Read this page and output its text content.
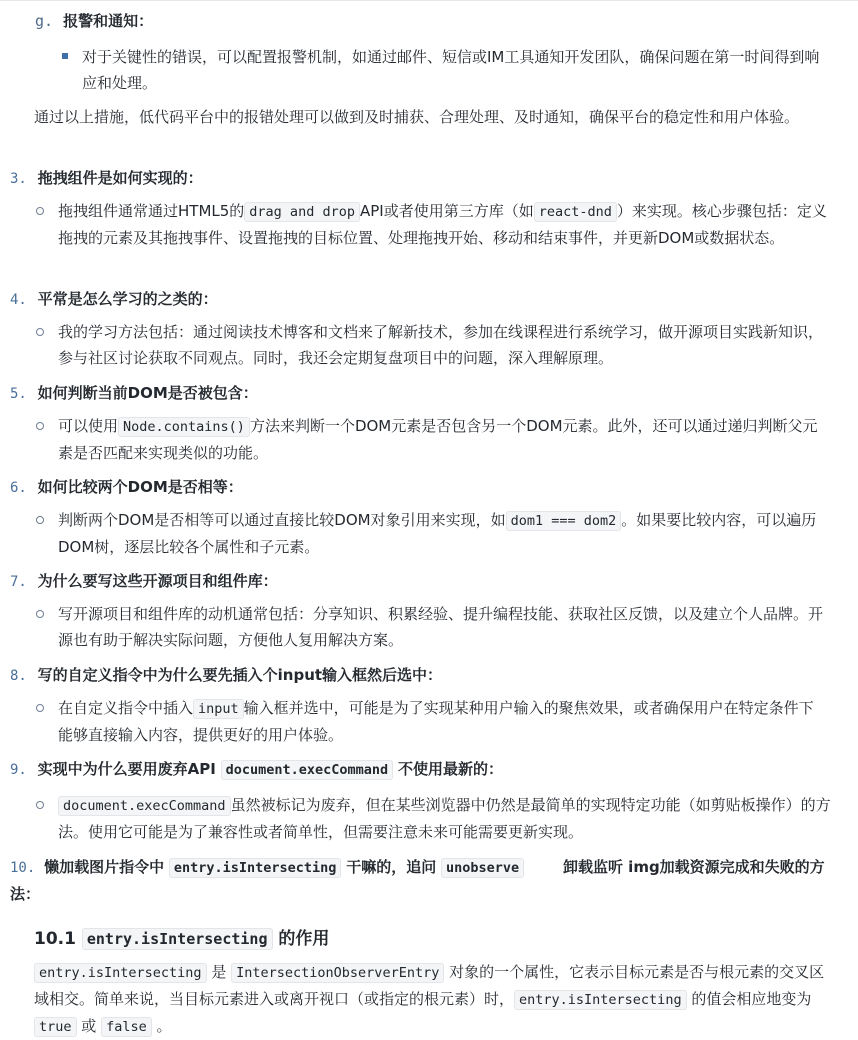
g. 报警和通知：
对于关键性的错误，可以配置报警机制，如通过邮件、短信或IM工具通知开发团队，确保问题在第一时间得到响应和处理。
通过以上措施，低代码平台中的报错处理可以做到及时捕获、合理处理、及时通知，确保平台的稳定性和用户体验。
3. 拖拽组件是如何实现的：
拖拽组件通常通过HTML5的 drag and drop API或者使用第三方库（如 react-dnd ）来实现。核心步骤包括：定义拖拽的元素及其拖拽事件、设置拖拽的目标位置、处理拖拽开始、移动和结束事件，并更新DOM或数据状态。
4. 平常是怎么学习的之类的：
我的学习方法包括：通过阅读技术博客和文档来了解新技术，参加在线课程进行系统学习，做开源项目实践新知识，参与社区讨论获取不同观点。同时，我还会定期复盘项目中的问题，深入理解原理。
5. 如何判断当前DOM是否被包含：
可以使用 Node.contains() 方法来判断一个DOM元素是否包含另一个DOM元素。此外，还可以通过递归判断父元素是否匹配来实现类似的功能。
6. 如何比较两个DOM是否相等：
判断两个DOM是否相等可以通过直接比较DOM对象引用来实现，如 dom1 === dom2 。如果要比较内容，可以遍历DOM树，逐层比较各个属性和子元素。
7. 为什么要写这些开源项目和组件库：
写开源项目和组件库的动机通常包括：分享知识、积累经验、提升编程技能、获取社区反馈，以及建立个人品牌。开源也有助于解决实际问题，方便他人复用解决方案。
8. 写的自定义指令中为什么要先插入个input输入框然后选中：
在自定义指令中插入 input 输入框并选中，可能是为了实现某种用户输入的聚焦效果，或者确保用户在特定条件下能够直接输入内容，提供更好的用户体验。
9. 实现中为什么要用废弃API document.execCommand 不使用最新的：
document.execCommand 虽然被标记为废弃，但在某些浏览器中仍然是最简单的实现特定功能（如剪贴板操作）的方法。使用它可能是为了兼容性或者简单性，但需要注意未来可能需要更新实现。
10. 懒加载图片指令中 entry.isIntersecting 干嘛的，追问 unobserve	卸载监听 img加载资源完成和失败的方法：
10.1 entry.isIntersecting 的作用
entry.isIntersecting 是 IntersectionObserverEntry 对象的一个属性，它表示目标元素是否与根元素的交叉区域相交。简单来说，当目标元素进入或离开视口（或指定的根元素）时， entry.isIntersecting 的值会相应地变为 true 或 false 。
